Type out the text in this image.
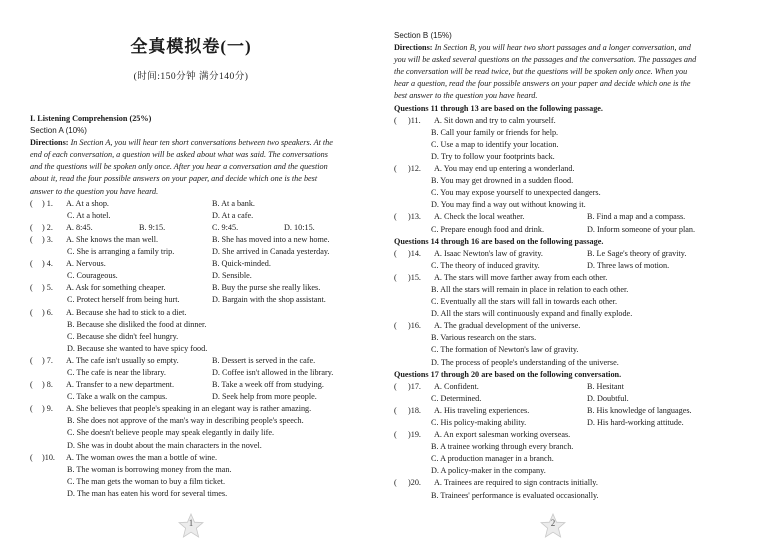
全真模拟卷(一)
(时间:150分钟 满分140分)
I. Listening Comprehension (25%)
Section A (10%)
Directions: In Section A, you will hear ten short conversations between two speakers. At the
end of each conversation, a question will be asked about what was said. The conversations
and the questions will be spoken only once. After you hear a conversation and the question
about it, read the four possible answers on your paper, and decide which one is the best
answer to the question you have heard.
( ) 1. A. At a shop.	B. At a bank.
C. At a hotel.	D. At a cafe.
( ) 2. A. 8:45.	B. 9:15.	C. 9:45.	D. 10:15.
( ) 3. A. She knows the man well.	B. She has moved into a new home.
C. She is arranging a family trip.	D. She arrived in Canada yesterday.
( ) 4. A. Nervous.	B. Quick-minded.
C. Courageous.	D. Sensible.
( ) 5. A. Ask for something cheaper.	B. Buy the purse she really likes.
C. Protect herself from being hurt.	D. Bargain with the shop assistant.
( ) 6. A. Because she had to stick to a diet.
B. Because she disliked the food at dinner.
C. Because she didn't feel hungry.
D. Because she wanted to have spicy food.
( ) 7. A. The cafe isn't usually so empty.	B. Dessert is served in the cafe.
C. The cafe is near the library.	D. Coffee isn't allowed in the library.
( ) 8. A. Transfer to a new department.	B. Take a week off from studying.
C. Take a walk on the campus.	D. Seek help from more people.
( ) 9. A. She believes that people's speaking in an elegant way is rather amazing.
B. She does not approve of the man's way in describing people's speech.
C. She doesn't believe people may speak elegantly in daily life.
D. She was in doubt about the main characters in the novel.
( )10. A. The woman owes the man a bottle of wine.
B. The woman is borrowing money from the man.
C. The man gets the woman to buy a film ticket.
D. The man has eaten his word for several times.
1
Section B (15%)
Directions: In Section B, you will hear two short passages and a longer conversation, and
you will be asked several questions on the passages and the conversation. The passages and
the conversation will be read twice, but the questions will be spoken only once. When you
hear a question, read the four possible answers on your paper and decide which one is the
best answer to the question you have heard.
Questions 11 through 13 are based on the following passage.
( )11. A. Sit down and try to calm yourself.
B. Call your family or friends for help.
C. Use a map to identify your location.
D. Try to follow your footprints back.
( )12. A. You may end up entering a wonderland.
B. You may get drowned in a sudden flood.
C. You may expose yourself to unexpected dangers.
D. You may find a way out without knowing it.
( )13. A. Check the local weather.	B. Find a map and a compass.
C. Prepare enough food and drink.	D. Inform someone of your plan.
Questions 14 through 16 are based on the following passage.
( )14. A. Isaac Newton's law of gravity.	B. Le Sage's theory of gravity.
C. The theory of induced gravity.	D. Three laws of motion.
( )15. A. The stars will move farther away from each other.
B. All the stars will remain in place in relation to each other.
C. Eventually all the stars will fall in towards each other.
D. All the stars will continuously expand and finally explode.
( )16. A. The gradual development of the universe.
B. Various research on the stars.
C. The formation of Newton's law of gravity.
D. The process of people's understanding of the universe.
Questions 17 through 20 are based on the following conversation.
( )17. A. Confident.	B. Hesitant
C. Determined.	D. Doubtful.
( )18. A. His traveling experiences.	B. His knowledge of languages.
C. His policy-making ability.	D. His hard-working attitude.
( )19. A. An export salesman working overseas.
B. A trainee working through every branch.
C. A production manager in a branch.
D. A policy-maker in the company.
( )20. A. Trainees are required to sign contracts initially.
B. Trainees' performance is evaluated occasionally.
2
